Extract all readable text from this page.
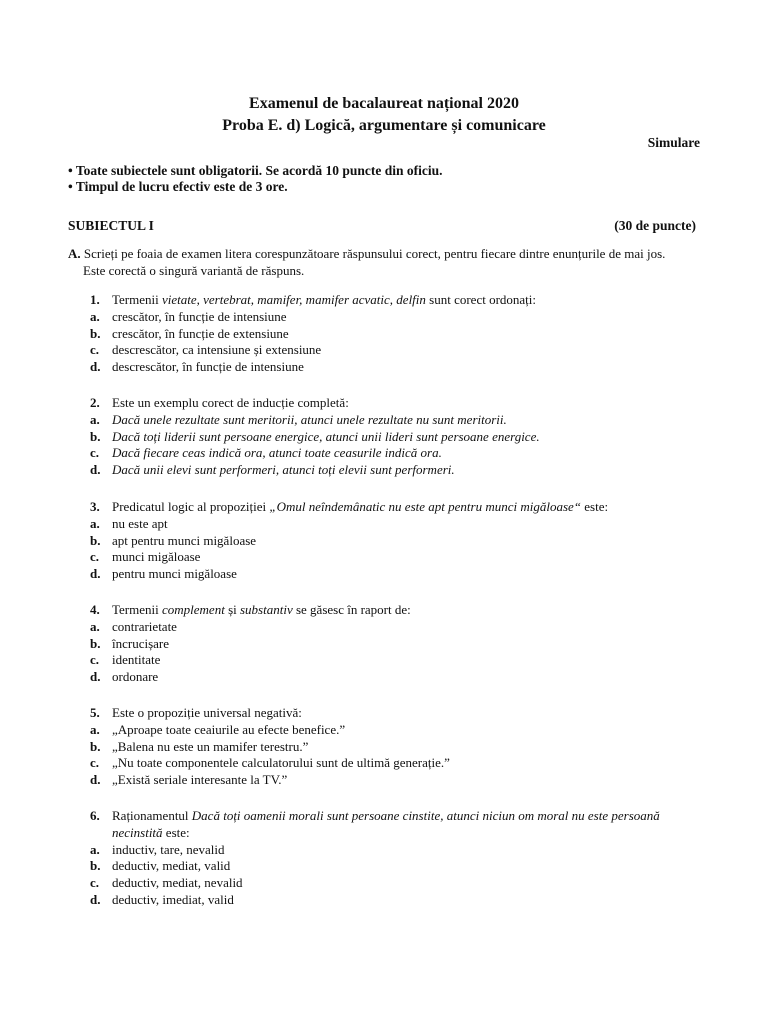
Examenul de bacalaureat național 2020
Proba E. d) Logică, argumentare și comunicare
Simulare
• Toate subiectele sunt obligatorii. Se acordă 10 puncte din oficiu.
• Timpul de lucru efectiv este de 3 ore.
SUBIECTUL I	(30 de puncte)
A. Scrieți pe foaia de examen litera corespunzătoare răspunsului corect, pentru fiecare dintre enunțurile de mai jos.
Este corectă o singură variantă de răspuns.
1. Termenii vietate, vertebrat, mamifer, mamifer acvatic, delfin sunt corect ordonați:
a. crescător, în funcție de intensiune
b. crescător, în funcție de extensiune
c. descrescător, ca intensiune și extensiune
d. descrescător, în funcție de intensiune
2. Este un exemplu corect de inducție completă:
a. Dacă unele rezultate sunt meritorii, atunci unele rezultate nu sunt meritorii.
b. Dacă toți liderii sunt persoane energice, atunci unii lideri sunt persoane energice.
c. Dacă fiecare ceas indică ora, atunci toate ceasurile indică ora.
d. Dacă unii elevi sunt performeri, atunci toți elevii sunt performeri.
3. Predicatul logic al propoziției „Omul neîndemânatic nu este apt pentru munci migăloase“ este:
a. nu este apt
b. apt pentru munci migăloase
c. munci migăloase
d. pentru munci migăloase
4. Termenii complement și substantiv se găsesc în raport de:
a. contrarietate
b. încrucișare
c. identitate
d. ordonare
5. Este o propoziție universal negativă:
a. „Aproape toate ceaiurile au efecte benefice.”
b. „Balena nu este un mamifer terestru.”
c. „Nu toate componentele calculatorului sunt de ultimă generație.”
d. „Există seriale interesante la TV.”
6. Raționamentul Dacă toți oamenii morali sunt persoane cinstite, atunci niciun om moral nu este persoană necinstită este:
a. inductiv, tare, nevalid
b. deductiv, mediat, valid
c. deductiv, mediat, nevalid
d. deductiv, imediat, valid
